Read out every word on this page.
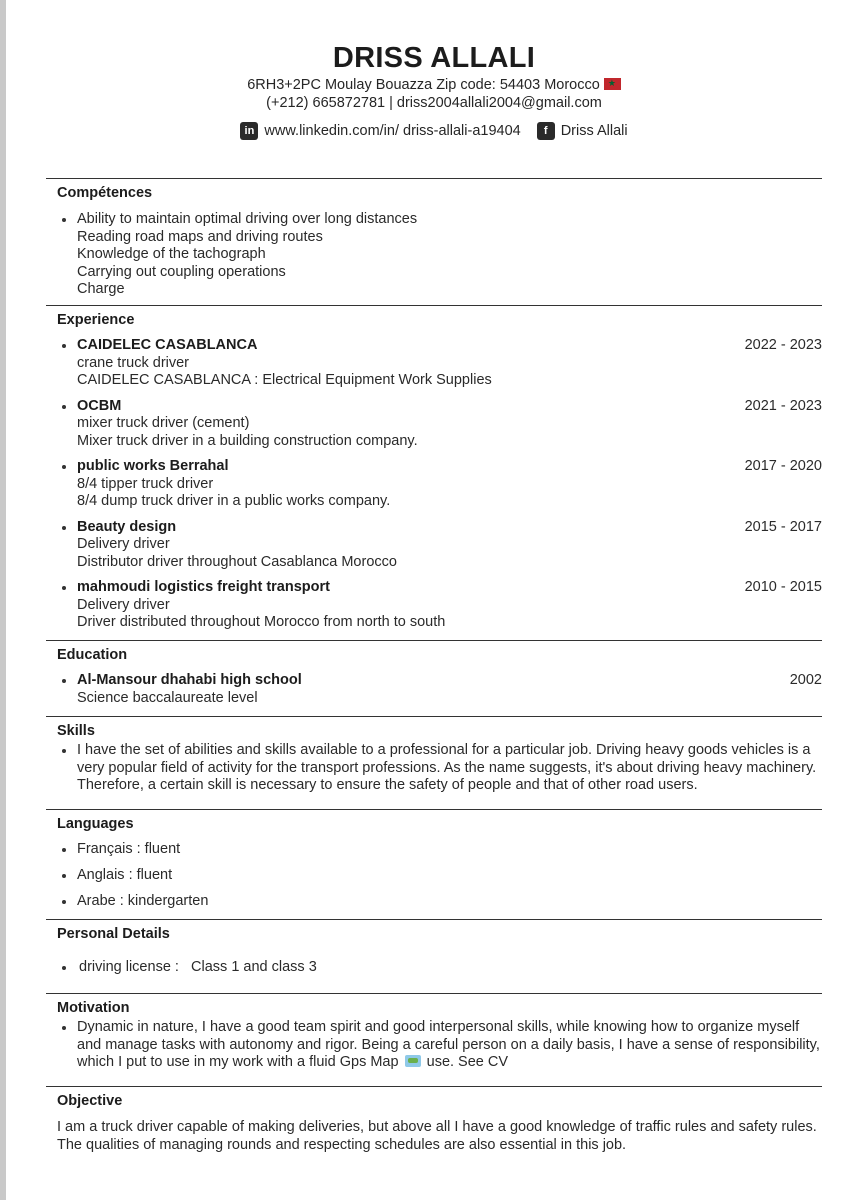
DRISS ALLALI
6RH3+2PC Moulay Bouazza Zip code: 54403 Morocco★
(+212) 665872781 | driss2004allali2004@gmail.com
in www.linkedin.com/in/ driss-allali-a19404	f Driss Allali
Compétences
Ability to maintain optimal driving over long distances
Reading road maps and driving routes
Knowledge of the tachograph
Carrying out coupling operations
Charge
Experience
CAIDELEC CASABLANCA	2022 - 2023
crane truck driver
CAIDELEC CASABLANCA : Electrical Equipment Work Supplies
OCBM	2021 - 2023
mixer truck driver (cement)
Mixer truck driver in a building construction company.
public works Berrahal	2017 - 2020
8/4 tipper truck driver
8/4 dump truck driver in a public works company.
Beauty design	2015 - 2017
Delivery driver
Distributor driver throughout Casablanca Morocco
mahmoudi logistics freight transport	2010 - 2015
Delivery driver
Driver distributed throughout Morocco from north to south
Education
Al-Mansour dhahabi high school	2002
Science baccalaureate level
Skills
I have the set of abilities and skills available to a professional for a particular job. Driving heavy goods vehicles is a very popular field of activity for the transport professions. As the name suggests, it's about driving heavy machinery. Therefore, a certain skill is necessary to ensure the safety of people and that of other road users.
Languages
Français : fluent
Anglais : fluent
Arabe : kindergarten
Personal Details
driving license : Class 1 and class 3
Motivation
Dynamic in nature, I have a good team spirit and good interpersonal skills, while knowing how to organize myself and manage tasks with autonomy and rigor. Being a careful person on a daily basis, I have a sense of responsibility, which I put to use in my work with a fluid Gps Map use. See CV
Objective
I am a truck driver capable of making deliveries, but above all I have a good knowledge of traffic rules and safety rules. The qualities of managing rounds and respecting schedules are also essential in this job.
